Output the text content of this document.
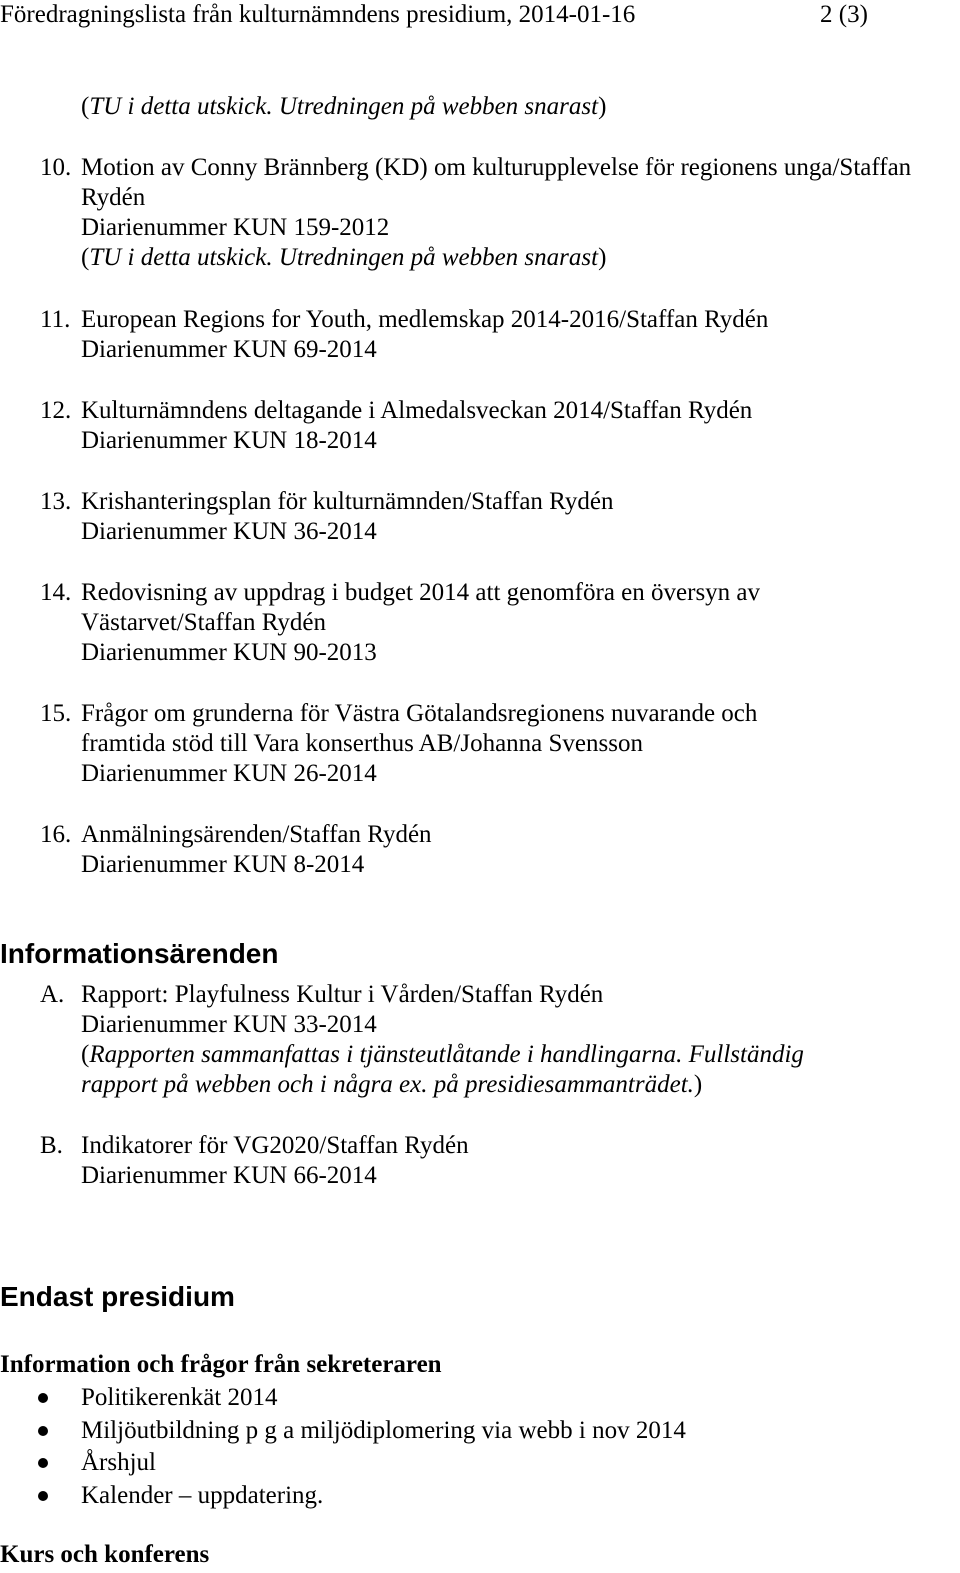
Föredragningslista från kulturnämndens presidium, 2014-01-16	2 (3)
(TU i detta utskick. Utredningen på webben snarast)
10. Motion av Conny Brännberg (KD) om kulturupplevelse för regionens unga/Staffan
Rydén
Diarienummer KUN 159-2012
(TU i detta utskick. Utredningen på webben snarast)
11. European Regions for Youth, medlemskap 2014-2016/Staffan Rydén
Diarienummer KUN 69-2014
12. Kulturnämndens deltagande i Almedalsveckan 2014/Staffan Rydén
Diarienummer KUN 18-2014
13. Krishanteringsplan för kulturnämnden/Staffan Rydén
Diarienummer KUN 36-2014
14. Redovisning av uppdrag i budget 2014 att genomföra en översyn av
Västarvet/Staffan Rydén
Diarienummer KUN 90-2013
15. Frågor om grunderna för Västra Götalandsregionens nuvarande och
framtida stöd till Vara konserthus AB/Johanna Svensson
Diarienummer KUN 26-2014
16. Anmälningsärenden/Staffan Rydén
Diarienummer KUN 8-2014
Informationsärenden
A. Rapport: Playfulness Kultur i Vården/Staffan Rydén
Diarienummer KUN 33-2014
(Rapporten sammanfattas i tjänsteutlåtande i handlingarna. Fullständig
rapport på webben och i några ex. på presidiesammanträdet.)
B. Indikatorer för VG2020/Staffan Rydén
Diarienummer KUN 66-2014
Endast presidium
Information och frågor från sekreteraren
Politikerenkät 2014
Miljöutbildning p g a miljödiplomering via webb i nov 2014
Årshjul
Kalender – uppdatering.
Kurs och konferens
